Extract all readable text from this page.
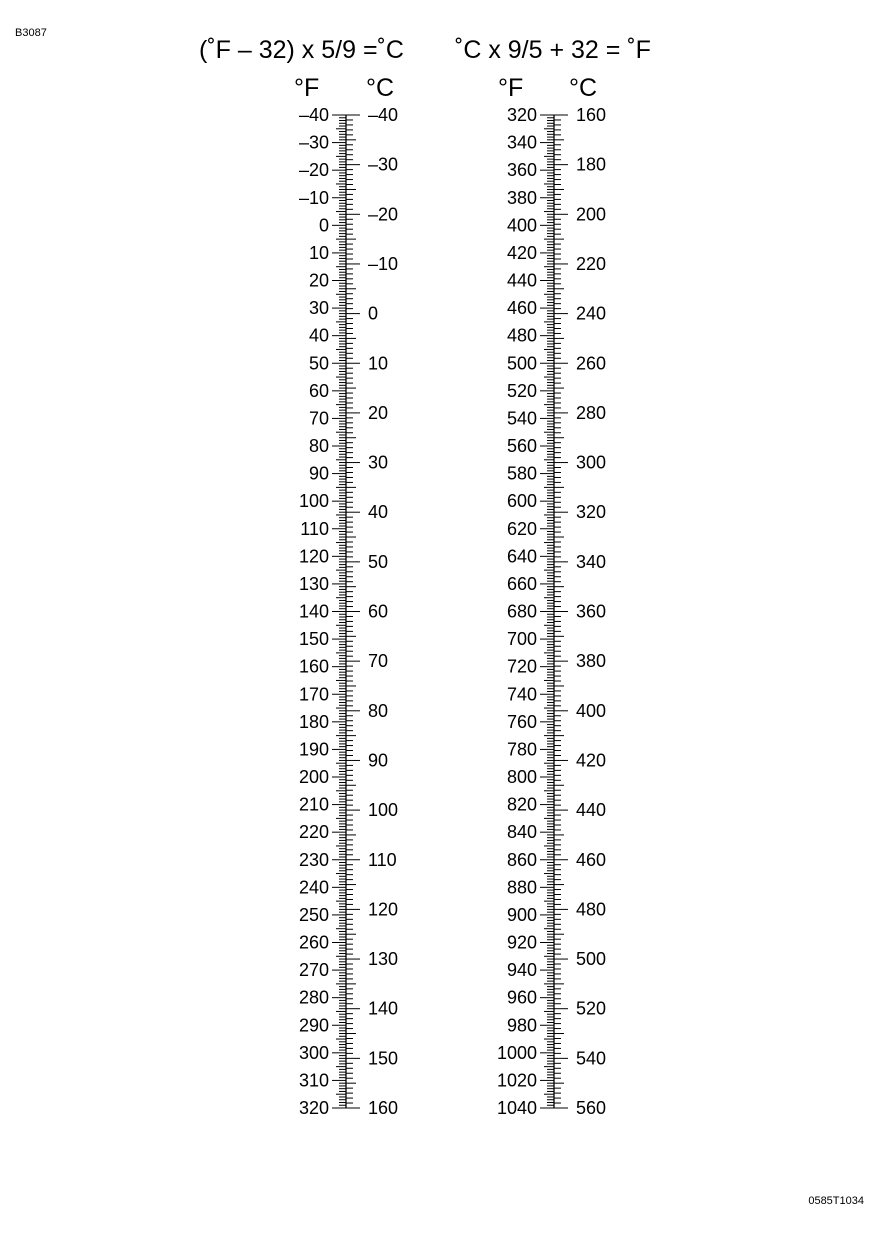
B3087
0585T1034
(˚F – 32) x 5/9 =˚C ˚C x 9/5 + 32 = ˚F
°F °C	°F °C
–40
–30
–20
–10
0
10
20
30
40
50
60
70
80
90
100
110
120
130
140
150
160
170
180
190
200
210
220
230
240
250
260
270
280
290
300
310
320
–40
–30
–20
–10
0
10
20
30
40
50
60
70
80
90
100
110
120
130
140
150
160
320
340
360
380
400
420
440
460
480
500
520
540
560
580
600
620
640
660
680
700
720
740
760
780
800
820
840
860
880
900
920
940
960
980
1000
1020
1040
160
180
200
220
240
260
280
300
320
340
360
380
400
420
440
460
480
500
520
540
560
